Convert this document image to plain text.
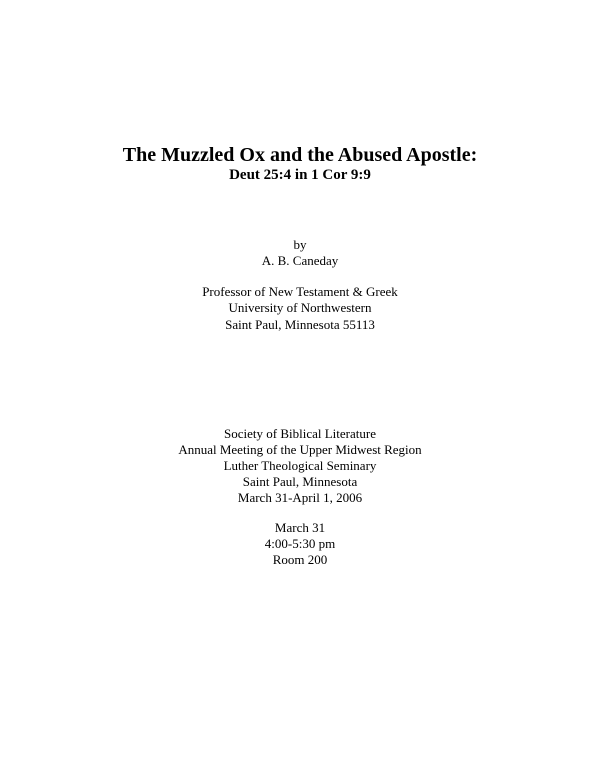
The Muzzled Ox and the Abused Apostle:
Deut 25:4 in 1 Cor 9:9
by
A. B. Caneday
Professor of New Testament & Greek
University of Northwestern
Saint Paul, Minnesota 55113
Society of Biblical Literature
Annual Meeting of the Upper Midwest Region
Luther Theological Seminary
Saint Paul, Minnesota
March 31-April 1, 2006
March 31
4:00-5:30 pm
Room 200
